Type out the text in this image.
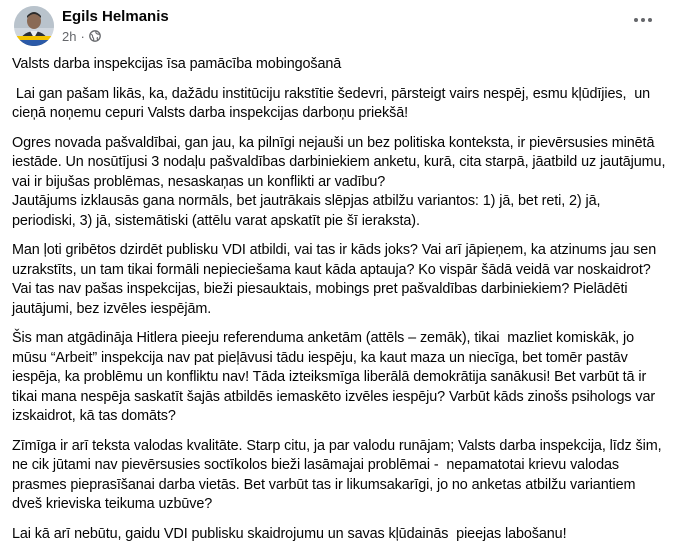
Egils Helmanis
2h ·

Valsts darba inspekcijas īsa pamācība mobingošanā

Lai gan pašam likās, ka, dažādu institūciju rakstītie šedevri, pārsteigt vairs nespēj, esmu kļūdījies,  un cieņā noņemu cepuri Valsts darba inspekcijas darboņu priekšā!

Ogres novada pašvaldībai, gan jau, ka pilnīgi nejauši un bez politiska konteksta, ir pievērsusies minētā iestāde. Un nosūtījusi 3 nodaļu pašvaldības darbiniekiem anketu, kurā, cita starpā, jāatbild uz jautājumu, vai ir bijušas problēmas, nesaskaņas un konflikti ar vadību?
Jautājums izklausās gana normāls, bet jautrākais slēpjas atbilžu variantos: 1) jā, bet reti, 2) jā, periodiski, 3) jā, sistemātiski (attēlu varat apskatīt pie šī ieraksta).

Man ļoti gribētos dzirdēt publisku VDI atbildi, vai tas ir kāds joks? Vai arī jāpieņem, ka atzinums jau sen uzrakstīts, un tam tikai formāli nepieciešama kaut kāda aptauja? Ko vispār šādā veidā var noskaidrot? Vai tas nav pašas inspekcijas, bieži piesauktais, mobings pret pašvaldības darbiniekiem? Pielādēti jautājumi, bez izvēles iespējām.

Šis man atgādināja Hitlera pieeju referenduma anketām (attēls – zemāk), tikai  mazliet komiskāk, jo mūsu “Arbeit” inspekcija nav pat pieļāvusi tādu iespēju, ka kaut maza un niecīga, bet tomēr pastāv iespēja, ka problēmu un konfliktu nav! Tāda izteiksmīga liberālā demokrātija sanākusi! Bet varbūt tā ir tikai mana nespēja saskatīt šajās atbildēs iemaskēto izvēles iespēju? Varbūt kāds zinošs psihologs var izskaidrot, kā tas domāts?

Zīmīga ir arī teksta valodas kvalitāte. Starp citu, ja par valodu runājam; Valsts darba inspekcija, līdz šim, ne cik jūtami nav pievērsusies soctīkolos bieži lasāmajai problēmai -  nepamatotai krievu valodas prasmes pieprasīšanai darba vietās. Bet varbūt tas ir likumsakarīgi, jo no anketas atbilžu variantiem dveš krieviska teikuma uzbūve?

Lai kā arī nebūtu, gaidu VDI publisku skaidrojumu un savas kļūdainās  pieejas labošanu!
